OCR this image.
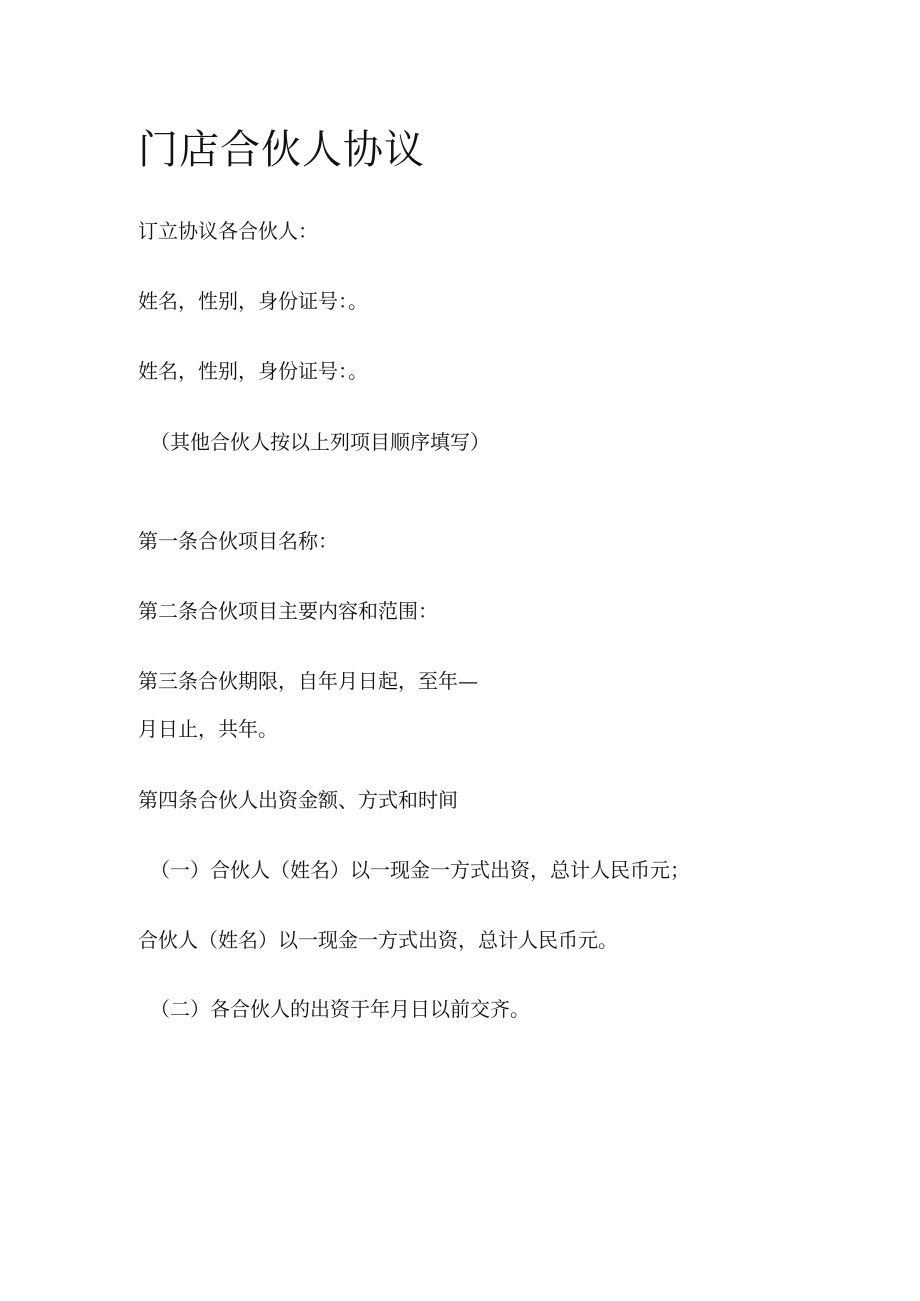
门店合伙人协议

订立协议各合伙人：

姓名，性别，身份证号：。

姓名，性别，身份证号：。

（其他合伙人按以上列项目顺序填写）

第一条合伙项目名称：

第二条合伙项目主要内容和范围：

第三条合伙期限，自年月日起，至年—

月日止，共年。

第四条合伙人出资金额、方式和时间

（一）合伙人（姓名）以一现金一方式出资，总计人民币元；

合伙人（姓名）以一现金一方式出资，总计人民币元。

（二）各合伙人的出资于年月日以前交齐。
